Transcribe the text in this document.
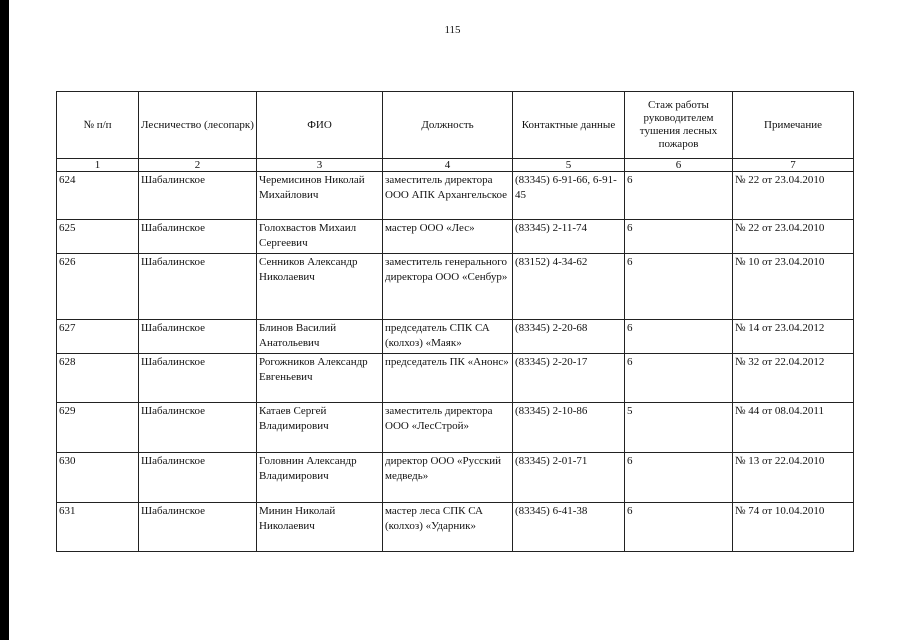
115
№ п/п	Лесничество (лесопарк)	ФИО	Должность	Контактные данные	Стаж работы руководителем тушения лесных пожаров	Примечание
1	2	3	4	5	6	7
624	Шабалинское	Черемисинов Николай Михайлович	заместитель директора ООО АПК Архангельское	(83345) 6-91-66, 6-91-45	6	№ 22 от 23.04.2010
625	Шабалинское	Голохвастов Михаил Сергеевич	мастер ООО «Лес»	(83345) 2-11-74	6	№ 22 от 23.04.2010
626	Шабалинское	Сенников Александр Николаевич	заместитель генерального директора ООО «Сенбур»	(83152) 4-34-62	6	№ 10 от 23.04.2010
627	Шабалинское	Блинов Василий Анатольевич	председатель СПК СА (колхоз) «Маяк»	(83345) 2-20-68	6	№ 14 от 23.04.2012
628	Шабалинское	Рогожников Александр Евгеньевич	председатель ПК «Анонс»	(83345) 2-20-17	6	№ 32 от 22.04.2012
629	Шабалинское	Катаев Сергей Владимирович	заместитель директора ООО «ЛесСтрой»	(83345) 2-10-86	5	№ 44 от 08.04.2011
630	Шабалинское	Головнин Александр Владимирович	директор ООО «Русский медведь»	(83345) 2-01-71	6	№ 13 от 22.04.2010
631	Шабалинское	Минин Николай Николаевич	мастер леса СПК СА (колхоз) «Ударник»	(83345) 6-41-38	6	№ 74 от 10.04.2010
